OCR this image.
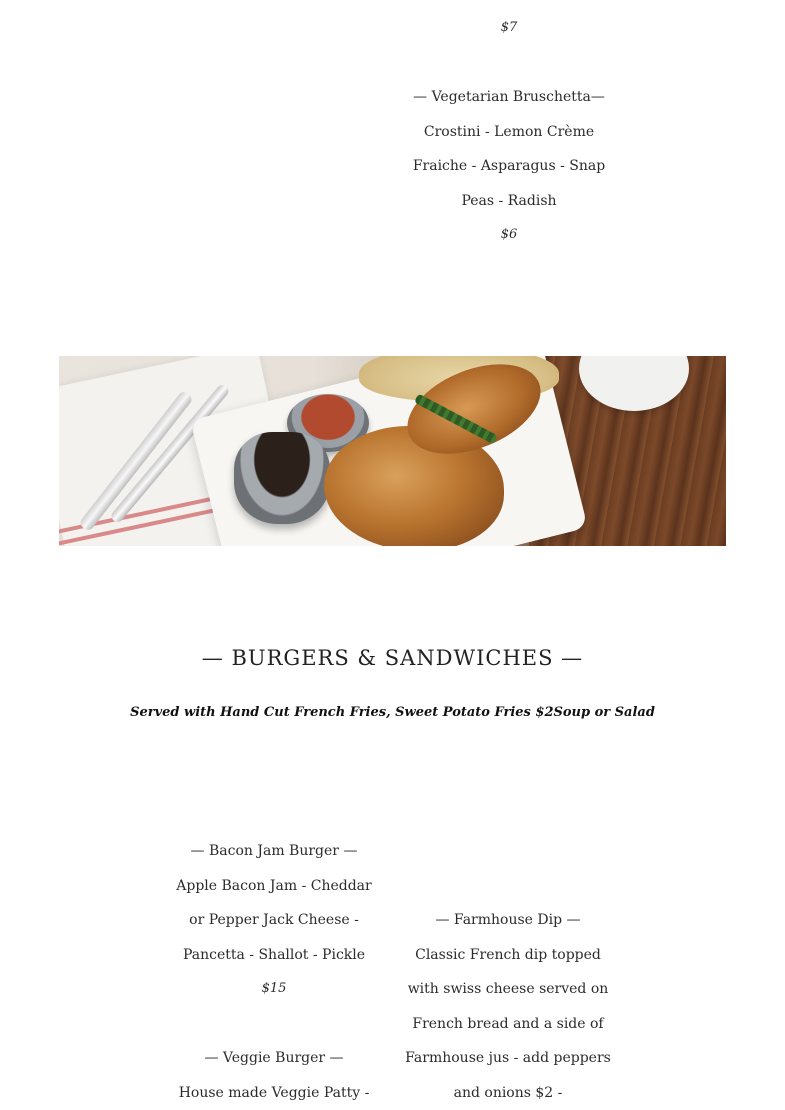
$7

— Vegetarian Bruschetta—

Crostini - Lemon Crème

Fraiche - Asparagus - Snap

Peas - Radish

$6

— BURGERS & SANDWICHES —
Served with Hand Cut French Fries, Sweet Potato Fries $2Soup or Salad

— Bacon Jam Burger —

Apple Bacon Jam - Cheddar

or Pepper Jack Cheese -

Pancetta - Shallot - Pickle

$15

— Veggie Burger —

House made Veggie Patty -

— Farmhouse Dip —

Classic French dip topped

with swiss cheese served on

French bread and a side of

Farmhouse jus - add peppers

and onions $2 -
